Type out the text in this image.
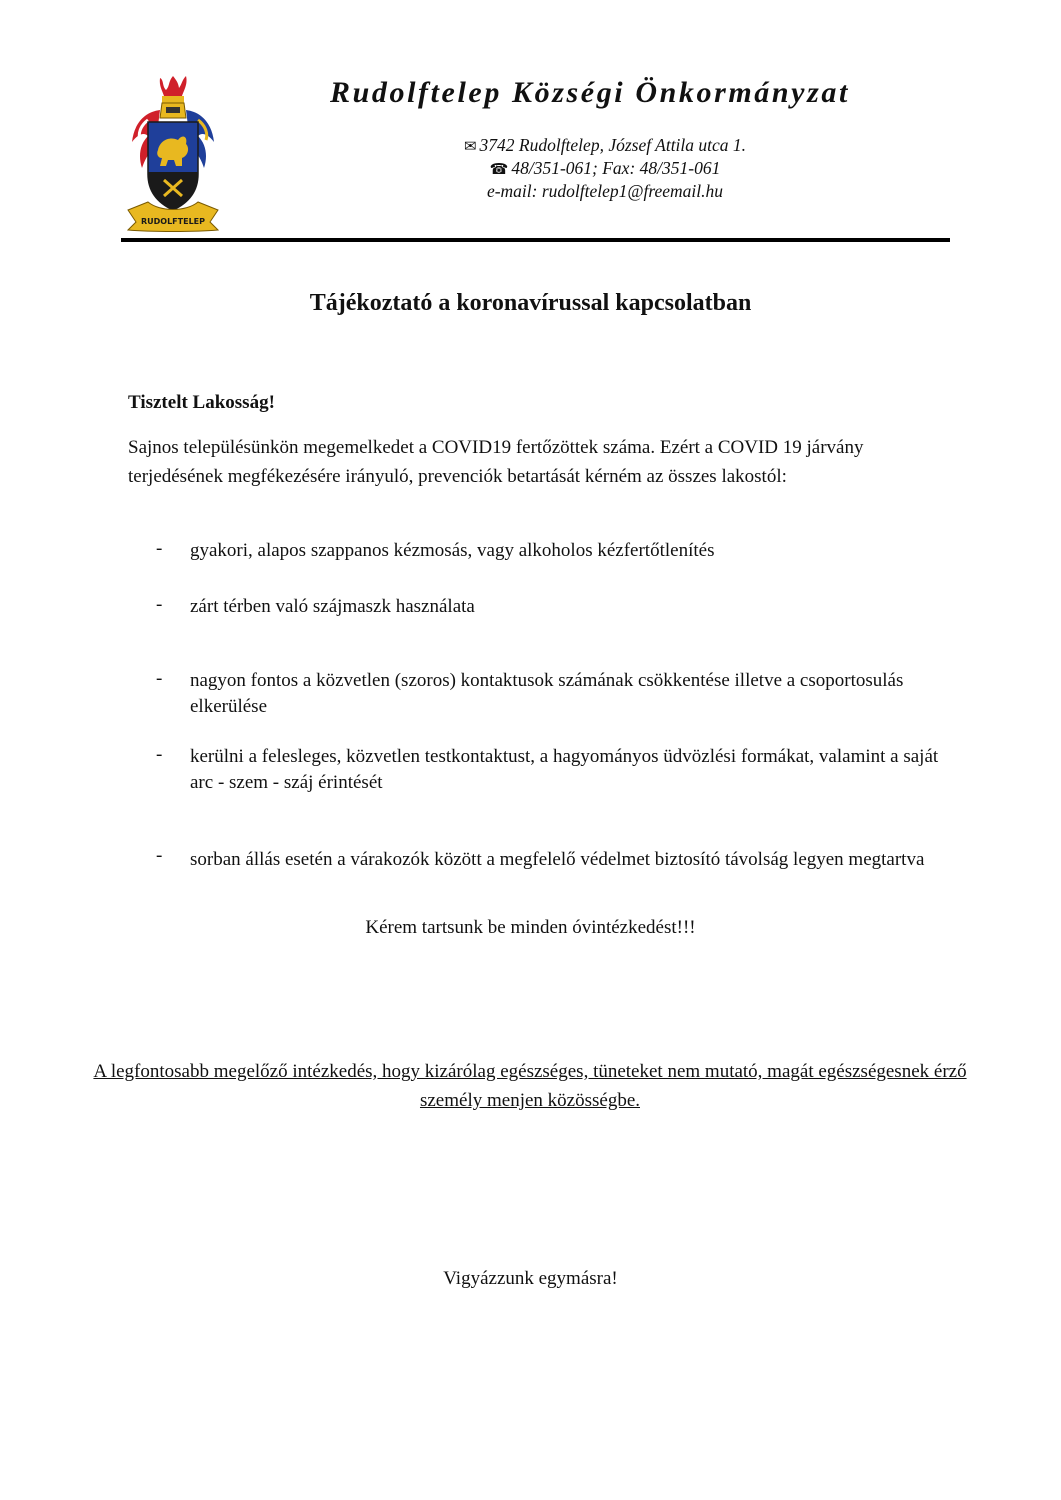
RUDOLFTELEP
Rudolftelep Községi Önkormányzat
✉ 3742 Rudolftelep, József Attila utca 1.
☎ 48/351-061; Fax: 48/351-061
e-mail: rudolftelep1@freemail.hu
Tájékoztató a koronavírussal kapcsolatban
Tisztelt Lakosság!
Sajnos településünkön megemelkedet a COVID19 fertőzöttek száma. Ezért a COVID 19 járvány terjedésének megfékezésére irányuló, prevenciók betartását kérném az összes lakostól:
- gyakori, alapos szappanos kézmosás, vagy alkoholos kézfertőtlenítés
- zárt térben való szájmaszk használata
- nagyon fontos a közvetlen (szoros) kontaktusok számának csökkentése illetve a csoportosulás elkerülése
- kerülni a felesleges, közvetlen testkontaktust, a hagyományos üdvözlési formákat, valamint a saját arc - szem - száj érintését
- sorban állás esetén a várakozók között a megfelelő védelmet biztosító távolság legyen megtartva
Kérem tartsunk be minden óvintézkedést!!!
A legfontosabb megelőző intézkedés, hogy kizárólag egészséges, tüneteket nem mutató, magát egészségesnek érző személy menjen közösségbe.
Vigyázzunk egymásra!
